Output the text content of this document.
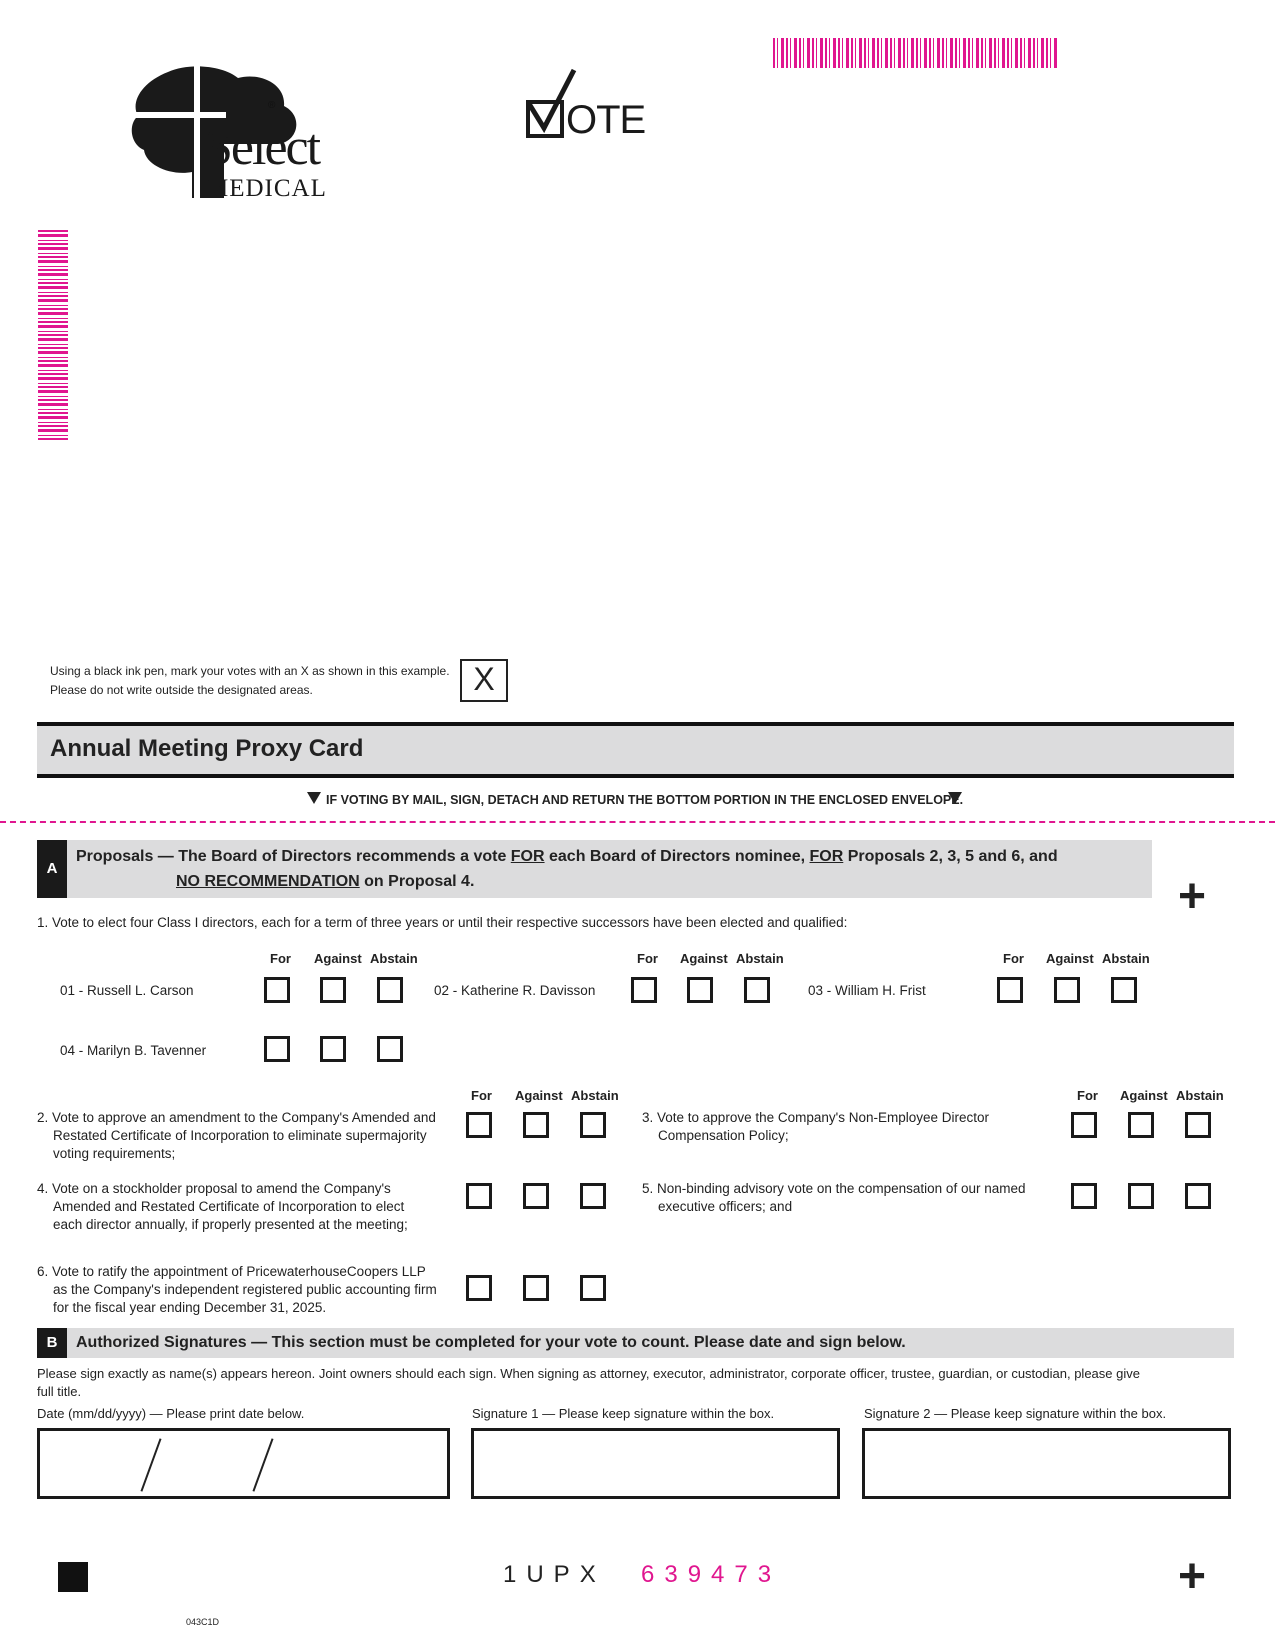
Select
MEDICAL
®	OTE
Using a black ink pen, mark your votes with an X as shown in this example.
Please do not write outside the designated areas.	X
Annual Meeting Proxy Card
IF VOTING BY MAIL, SIGN, DETACH AND RETURN THE BOTTOM PORTION IN THE ENCLOSED ENVELOPE.
A
Proposals — The Board of Directors recommends a vote FOR each Board of Directors nominee, FOR Proposals 2, 3, 5 and 6, and
NO RECOMMENDATION on Proposal 4.	+
1. Vote to elect four Class I directors, each for a term of three years or until their respective successors have been elected and qualified:
For Against Abstain	For Against Abstain	For Against Abstain
01 - Russell L. Carson	02 - Katherine R. Davisson	03 - William H. Frist
04 - Marilyn B. Tavenner
For Against Abstain	For Against Abstain
2. Vote to approve an amendment to the Company's Amended and
Restated Certificate of Incorporation to eliminate supermajority
voting requirements;
3. Vote to approve the Company's Non-Employee Director
Compensation Policy;
4. Vote on a stockholder proposal to amend the Company's
Amended and Restated Certificate of Incorporation to elect
each director annually, if properly presented at the meeting;
5. Non-binding advisory vote on the compensation of our named
executive officers; and
6. Vote to ratify the appointment of PricewaterhouseCoopers LLP
as the Company's independent registered public accounting firm
for the fiscal year ending December 31, 2025.
B	Authorized Signatures — This section must be completed for your vote to count. Please date and sign below.
Please sign exactly as name(s) appears hereon. Joint owners should each sign. When signing as attorney, executor, administrator, corporate officer, trustee, guardian, or custodian, please give
full title.
Date (mm/dd/yyyy) — Please print date below.	Signature 1 — Please keep signature within the box.	Signature 2 — Please keep signature within the box.
1UPX 639473	+
043C1D
